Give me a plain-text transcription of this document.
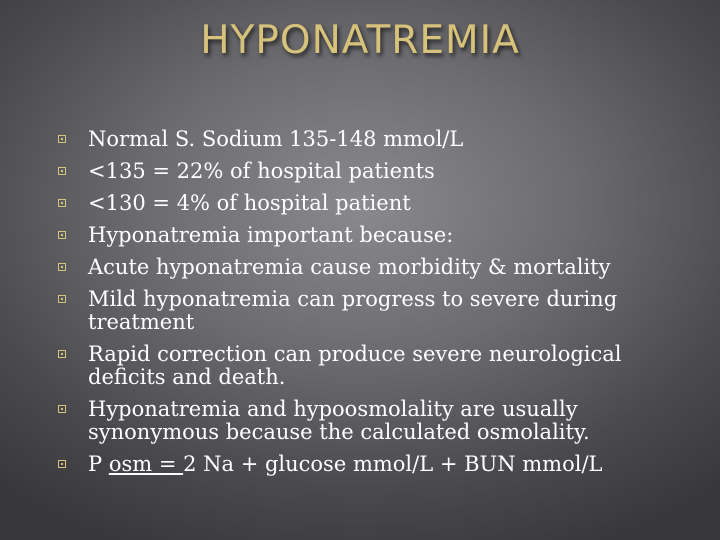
HYPONATREMIA
Normal S. Sodium 135-148 mmol/L
<135 = 22% of hospital patients
<130 = 4% of hospital patient
Hyponatremia important because:
Acute hyponatremia cause morbidity & mortality
Mild hyponatremia can progress to severe during treatment
Rapid correction can produce severe neurological deficits and death.
Hyponatremia and hypoosmolality are usually synonymous because the calculated osmolality.
P osm = 2 Na + glucose mmol/L + BUN mmol/L
